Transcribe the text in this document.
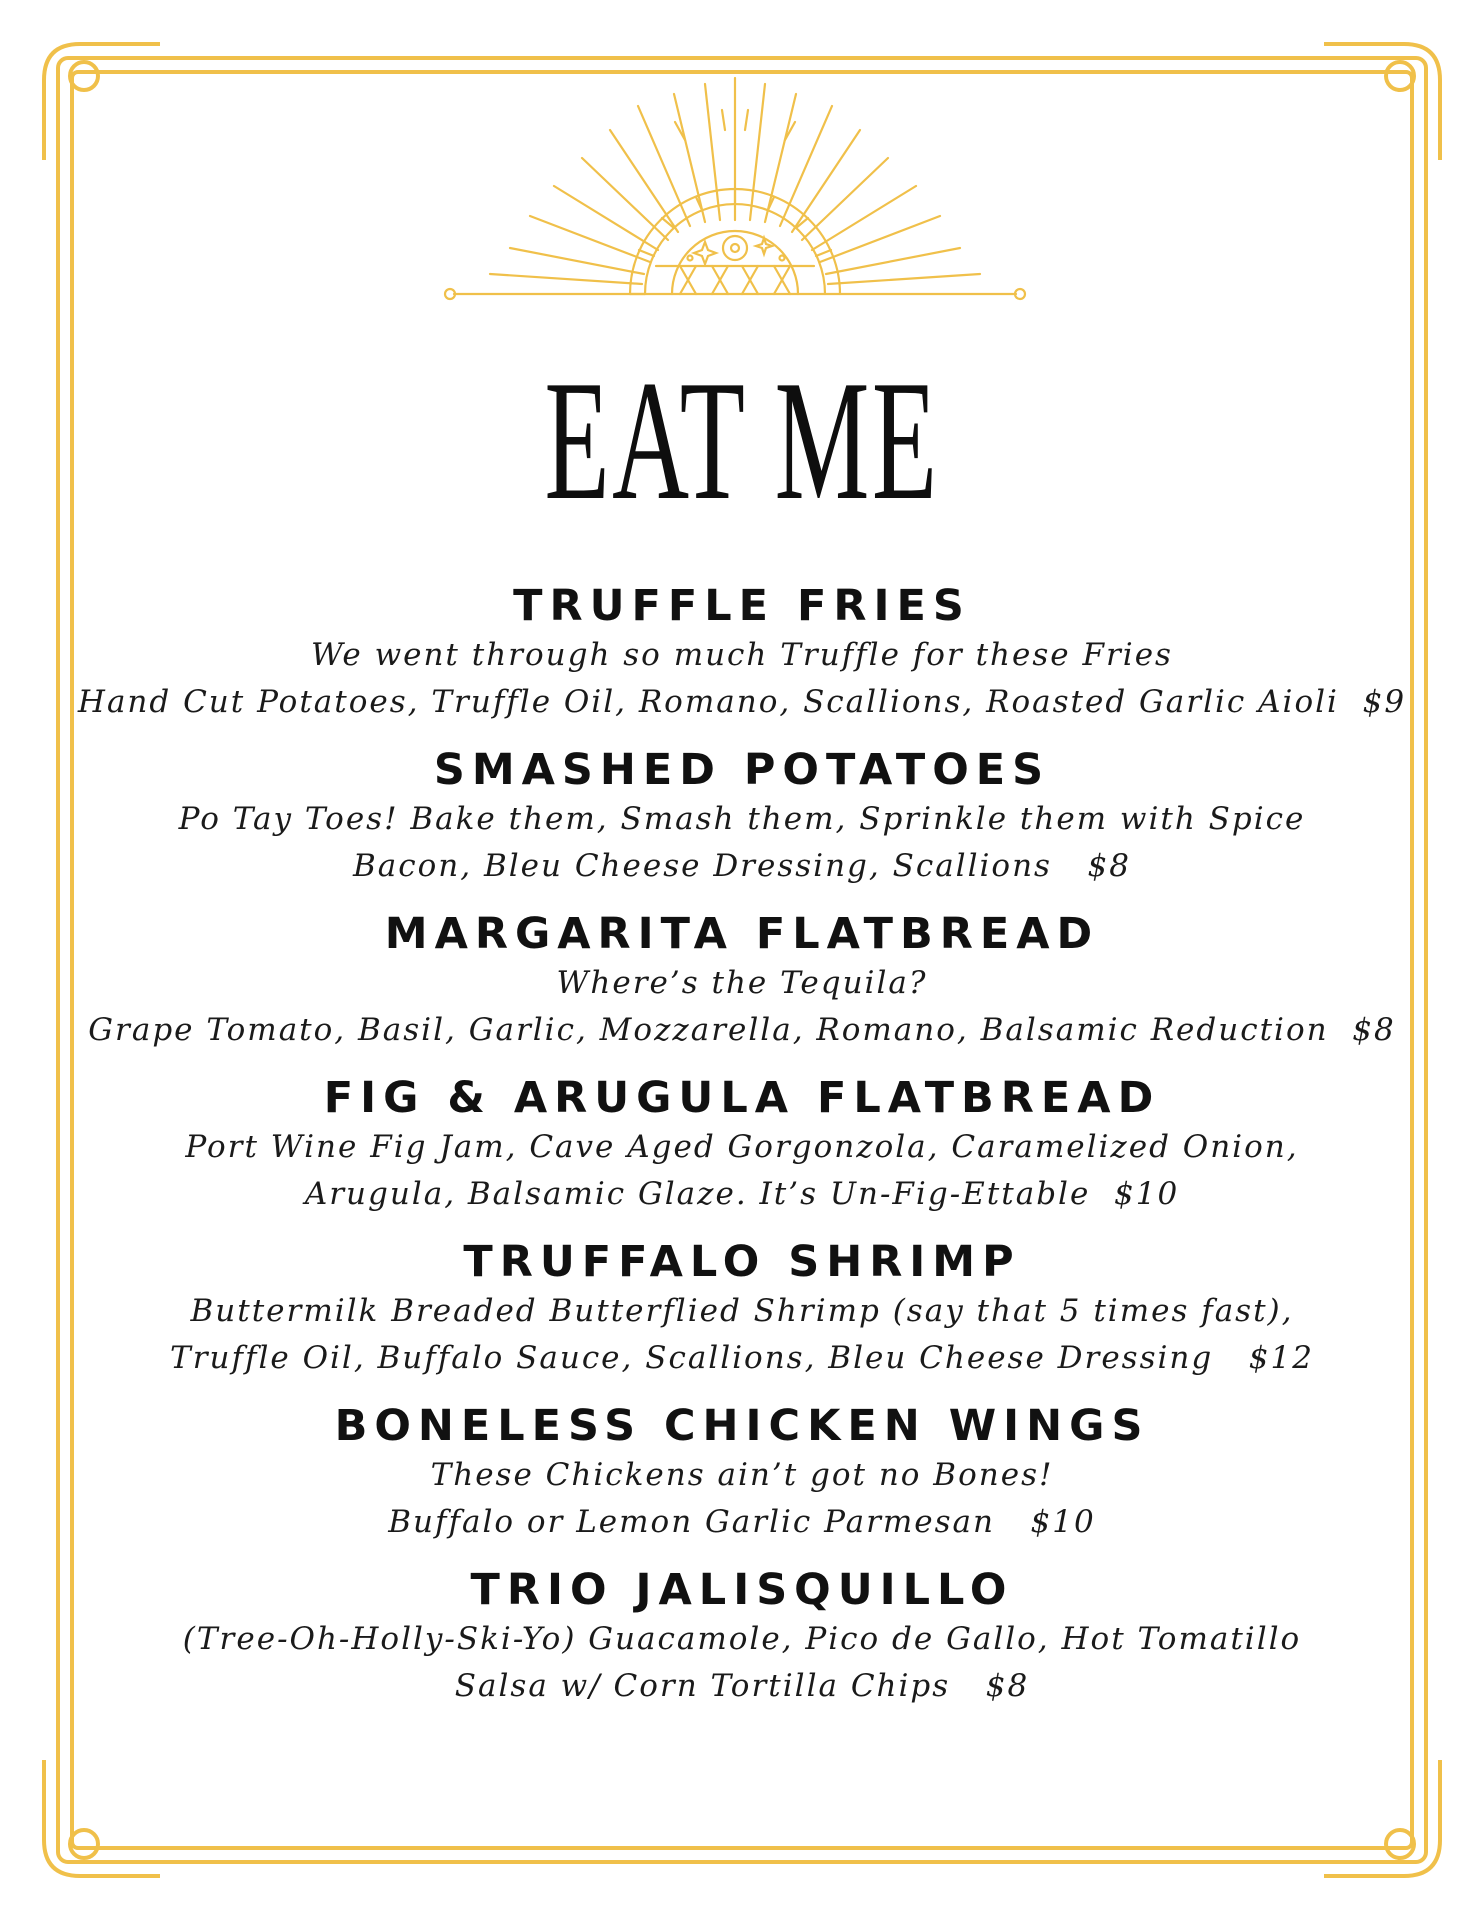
EAT ME
TRUFFLE FRIES
We went through so much Truffle for these Fries
Hand Cut Potatoes, Truffle Oil, Romano, Scallions, Roasted Garlic Aioli  $9
SMASHED POTATOES
Po Tay Toes! Bake them, Smash them, Sprinkle them with Spice
Bacon, Bleu Cheese Dressing, Scallions   $8
MARGARITA FLATBREAD
Where’s the Tequila?
Grape Tomato, Basil, Garlic, Mozzarella, Romano, Balsamic Reduction  $8
FIG & ARUGULA FLATBREAD
Port Wine Fig Jam, Cave Aged Gorgonzola, Caramelized Onion,
Arugula, Balsamic Glaze. It’s Un-Fig-Ettable  $10
TRUFFALO SHRIMP
Buttermilk Breaded Butterflied Shrimp (say that 5 times fast),
Truffle Oil, Buffalo Sauce, Scallions, Bleu Cheese Dressing   $12
BONELESS CHICKEN WINGS
These Chickens ain’t got no Bones!
Buffalo or Lemon Garlic Parmesan   $10
TRIO JALISQUILLO
(Tree-Oh-Holly-Ski-Yo) Guacamole, Pico de Gallo, Hot Tomatillo
Salsa w/ Corn Tortilla Chips   $8
